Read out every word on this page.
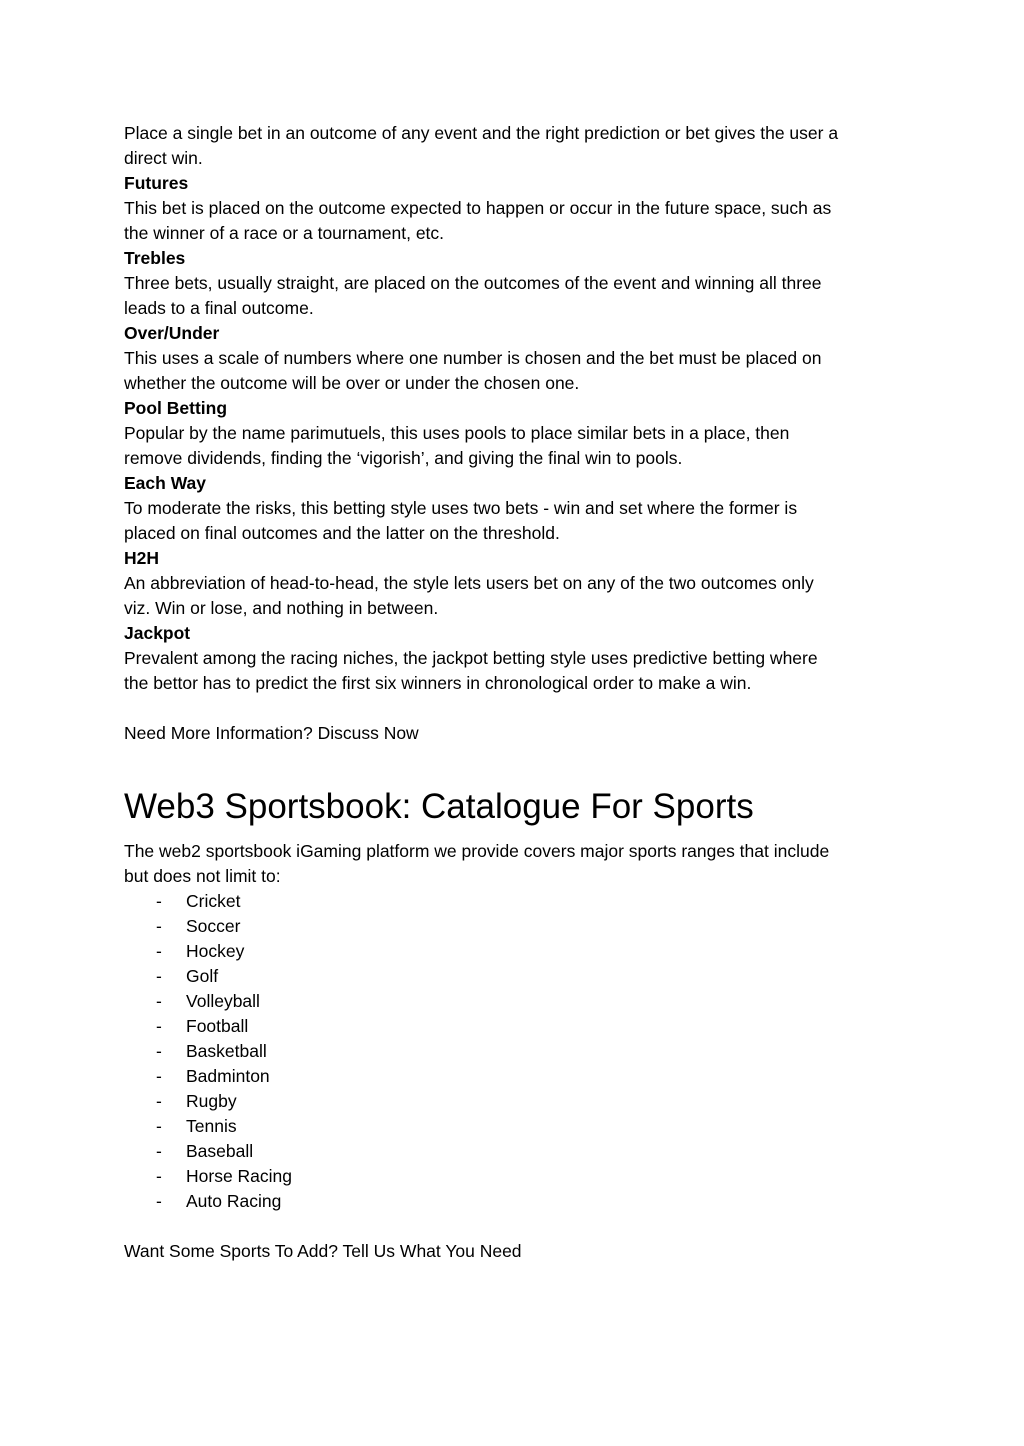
Place a single bet in an outcome of any event and the right prediction or bet gives the user a

direct win.

Futures

This bet is placed on the outcome expected to happen or occur in the future space, such as

the winner of a race or a tournament, etc.

Trebles

Three bets, usually straight, are placed on the outcomes of the event and winning all three

leads to a final outcome.

Over/Under

This uses a scale of numbers where one number is chosen and the bet must be placed on

whether the outcome will be over or under the chosen one.

Pool Betting

Popular by the name parimutuels, this uses pools to place similar bets in a place, then

remove dividends, finding the ‘vigorish’, and giving the final win to pools.

Each Way

To moderate the risks, this betting style uses two bets - win and set where the former is

placed on final outcomes and the latter on the threshold.

H2H

An abbreviation of head-to-head, the style lets users bet on any of the two outcomes only

viz. Win or lose, and nothing in between.

Jackpot

Prevalent among the racing niches, the jackpot betting style uses predictive betting where

the bettor has to predict the first six winners in chronological order to make a win.

Need More Information? Discuss Now

Web3 Sportsbook: Catalogue For Sports

The web2 sportsbook iGaming platform we provide covers major sports ranges that include

but does not limit to:

- Cricket
- Soccer
- Hockey
- Golf
- Volleyball
- Football
- Basketball
- Badminton
- Rugby
- Tennis
- Baseball
- Horse Racing
- Auto Racing

Want Some Sports To Add? Tell Us What You Need
